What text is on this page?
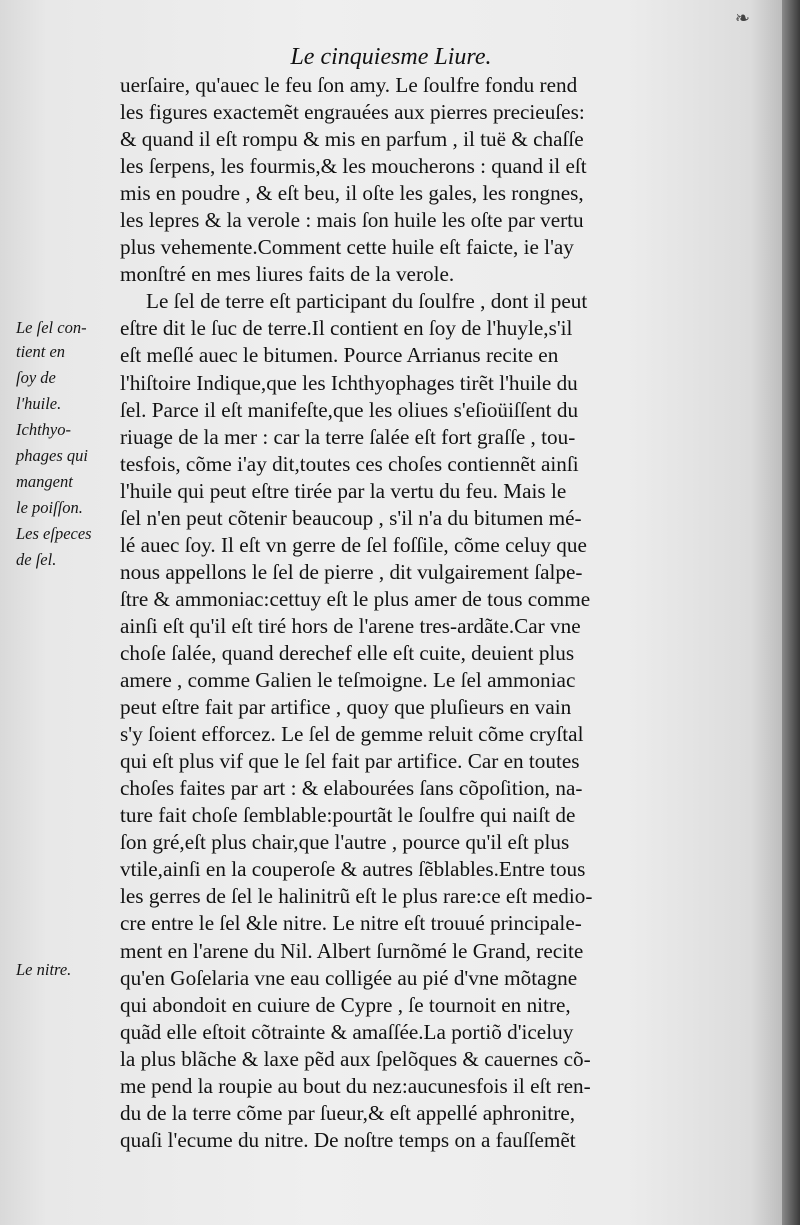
❧
Le cinquiesme Liure.
Le ſel con-
tient en
ſoy de
l'huile.
Ichthyo-
phages qui
mangent
le poiſſon.
Les eſpeces
de ſel.
Le nitre.
uerſaire, qu'auec le feu ſon amy. Le ſoulfre fondu rend
les figures exactemẽt engrauées aux pierres precieuſes:
& quand il eſt rompu & mis en parfum , il tuë & chaſſe
les ſerpens, les fourmis,& les moucherons : quand il eſt
mis en poudre , & eſt beu, il oſte les gales, les rongnes,
les lepres & la verole : mais ſon huile les oſte par vertu
plus vehemente.Comment cette huile eſt faicte, ie l'ay
monſtré en mes liures faits de la verole.
Le ſel de terre eſt participant du ſoulfre , dont il peut
eſtre dit le ſuc de terre.Il contient en ſoy de l'huyle,s'il
eſt meſlé auec le bitumen. Pource Arrianus recite en
l'hiſtoire Indique,que les Ichthyophages tirẽt l'huile du
ſel. Parce il eſt manifeſte,que les oliues s'eſioüiſſent du
riuage de la mer : car la terre ſalée eſt fort graſſe , tou-
tesfois, cõme i'ay dit,toutes ces choſes contiennẽt ainſi
l'huile qui peut eſtre tirée par la vertu du feu. Mais le
ſel n'en peut cõtenir beaucoup , s'il n'a du bitumen mé-
lé auec ſoy. Il eſt vn gerre de ſel foſſile, cõme celuy que
nous appellons le ſel de pierre , dit vulgairement ſalpe-
ſtre & ammoniac:cettuy eſt le plus amer de tous comme
ainſi eſt qu'il eſt tiré hors de l'arene tres-ardãte.Car vne
choſe ſalée, quand derechef elle eſt cuite, deuient plus
amere , comme Galien le teſmoigne. Le ſel ammoniac
peut eſtre fait par artifice , quoy que pluſieurs en vain
s'y ſoient efforcez. Le ſel de gemme reluit cõme cryſtal
qui eſt plus vif que le ſel fait par artifice. Car en toutes
choſes faites par art : & elabourées ſans cõpoſition, na-
ture fait choſe ſemblable:pourtãt le ſoulfre qui naiſt de
ſon gré,eſt plus chair,que l'autre , pource qu'il eſt plus
vtile,ainſi en la couperoſe & autres ſẽblables.Entre tous
les gerres de ſel le halinitrũ eſt le plus rare:ce eſt medio-
cre entre le ſel &le nitre. Le nitre eſt trouué principale-
ment en l'arene du Nil. Albert ſurnõmé le Grand, recite
qu'en Goſelaria vne eau colligée au pié d'vne mõtagne
qui abondoit en cuiure de Cypre , ſe tournoit en nitre,
quãd elle eſtoit cõtrainte & amaſſée.La portiõ d'iceluy
la plus blãche & laxe pẽd aux ſpelõques & cauernes cõ-
me pend la roupie au bout du nez:aucunesfois il eſt ren-
du de la terre cõme par ſueur,& eſt appellé aphronitre,
quaſi l'ecume du nitre. De noſtre temps on a fauſſemẽt
